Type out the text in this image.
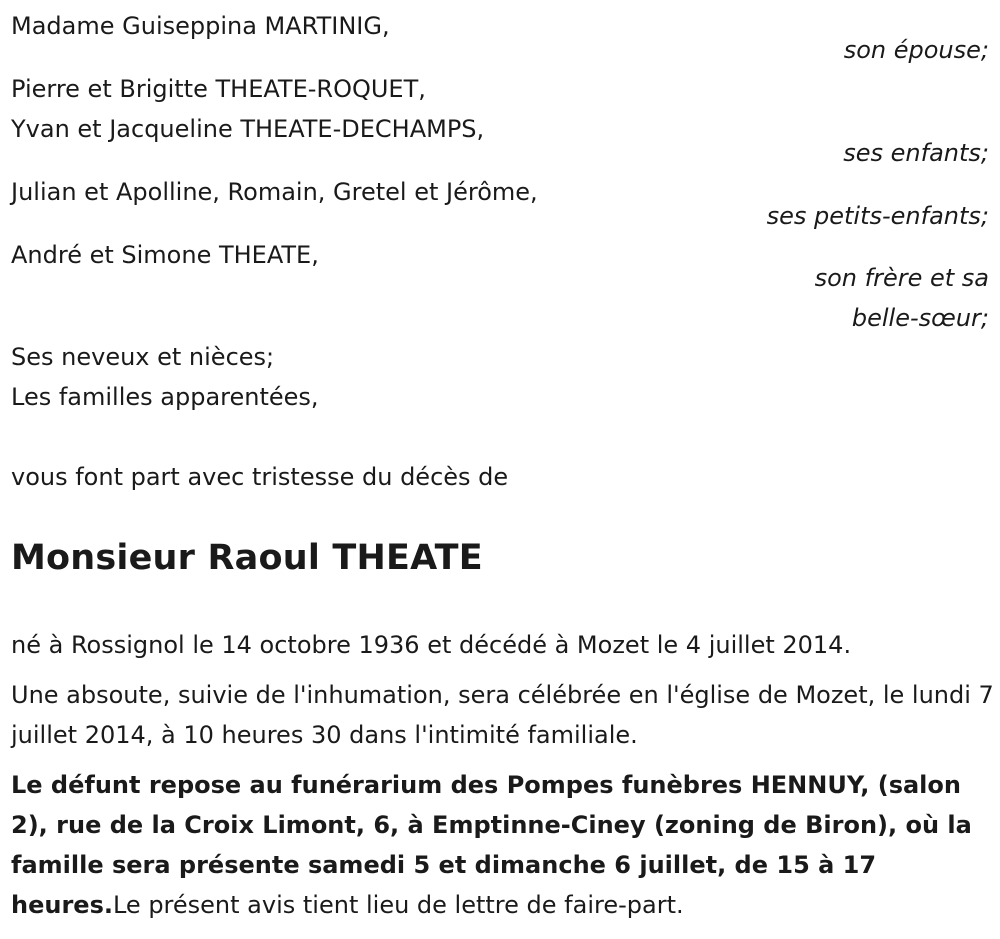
Madame Guiseppina MARTINIG,
son épouse;
Pierre et Brigitte THEATE-ROQUET,
Yvan et Jacqueline THEATE-DECHAMPS,
ses enfants;
Julian et Apolline, Romain, Gretel et Jérôme,
ses petits-enfants;
André et Simone THEATE,
son frère et sa
belle-sœur;
Ses neveux et nièces;
Les familles apparentées,
vous font part avec tristesse du décès de
Monsieur Raoul THEATE
né à Rossignol le 14 octobre 1936 et décédé à Mozet le 4 juillet 2014.
Une absoute, suivie de l'inhumation, sera célébrée en l'église de Mozet, le lundi 7 juillet 2014, à 10 heures 30 dans l'intimité familiale.
Le défunt repose au funérarium des Pompes funèbres HENNUY, (salon 2), rue de la Croix Limont, 6, à Emptinne-Ciney (zoning de Biron), où la famille sera présente samedi 5 et dimanche 6 juillet, de 15 à 17 heures.Le présent avis tient lieu de lettre de faire-part.
